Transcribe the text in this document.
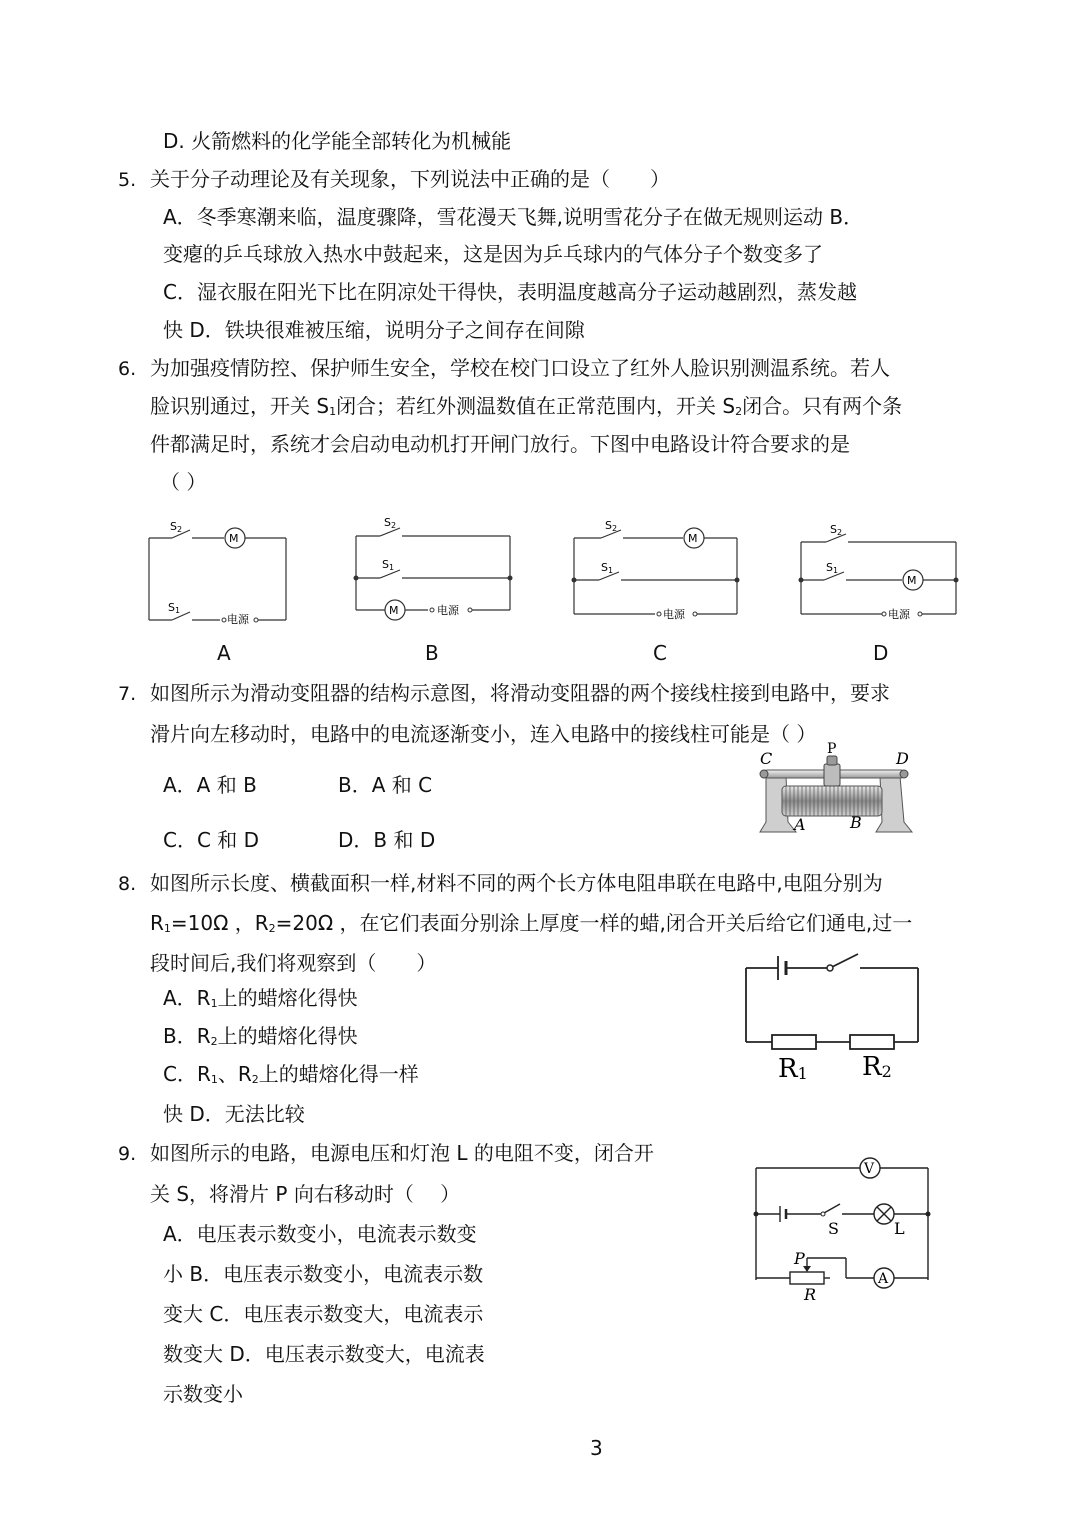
D. 火箭燃料的化学能全部转化为机械能
5. 关于分子动理论及有关现象，下列说法中正确的是（　　）
A．冬季寒潮来临，温度骤降，雪花漫天飞舞,说明雪花分子在做无规则运动 B．
变瘪的乒乓球放入热水中鼓起来，这是因为乒乓球内的气体分子个数变多了
C．湿衣服在阳光下比在阴凉处干得快，表明温度越高分子运动越剧烈，蒸发越
快 D．铁块很难被压缩，说明分子之间存在间隙
6. 为加强疫情防控、保护师生安全，学校在校门口设立了红外人脸识别测温系统。若人
脸识别通过，开关 $S_1$闭合；若红外测温数值在正常范围内，开关 $S_2$闭合。只有两个条
件都满足时，系统才会启动电动机打开闸门放行。下图中电路设计符合要求的是
（ ）
S2
M
S1
电源
A
S2
S1
M	电源
B
S2
M
S1
电源
C
S2
S1
M
电源
D
7. 如图所示为滑动变阻器的结构示意图，将滑动变阻器的两个接线柱接到电路中，要求
滑片向左移动时，电路中的电流逐渐变小，连入电路中的接线柱可能是（ ）
A．A 和 B	B．A 和 C
C．C 和 D	D．B 和 D
C	P	D
A	B
8. 如图所示长度、横截面积一样,材料不同的两个长方体电阻串联在电路中,电阻分别为
$R_1=10\Omega$ ，$R_2=20\Omega$ ，在它们表面分别涂上厚度一样的蜡,闭合开关后给它们通电,过一
段时间后,我们将观察到（　　）
A．$R_1$上的蜡熔化得快
B．$R_2$上的蜡熔化得快
C．$R_1$、$R_2$上的蜡熔化得一样
快 D．无法比较
R1 R2
9. 如图所示的电路，电源电压和灯泡 L 的电阻不变，闭合开
关 S，将滑片 P 向右移动时（　 ）
A．电压表示数变小，电流表示数变
小 B．电压表示数变小，电流表示数
变大 C．电压表示数变大，电流表示
数变大 D．电压表示数变大，电流表
示数变小
V
S	L
P
R
A
3
